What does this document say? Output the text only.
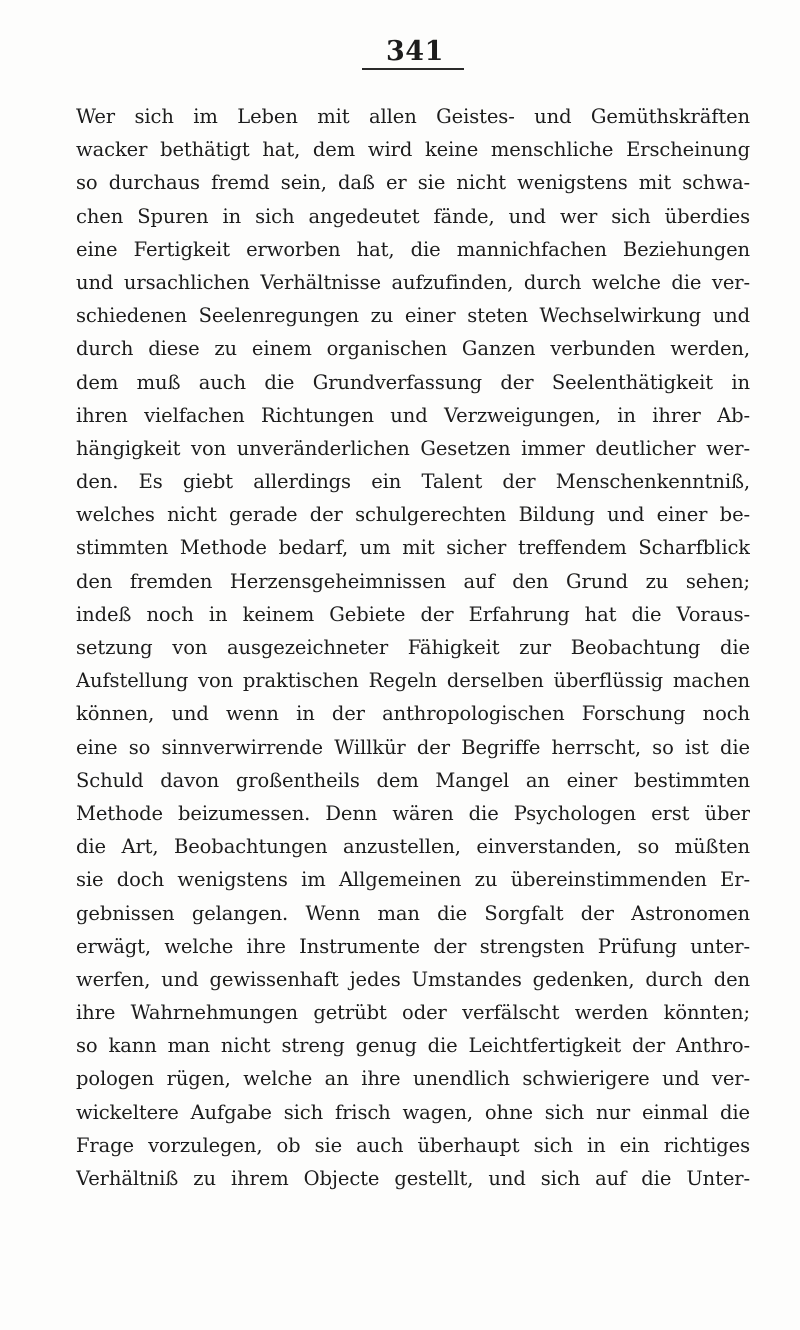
341
Wer sich im Leben mit allen Geistes- und Gemüthskräften
wacker bethätigt hat, dem wird keine menschliche Erscheinung
so durchaus fremd sein, daß er sie nicht wenigstens mit schwa-
chen Spuren in sich angedeutet fände, und wer sich überdies
eine Fertigkeit erworben hat, die mannichfachen Beziehungen
und ursachlichen Verhältnisse aufzufinden, durch welche die ver-
schiedenen Seelenregungen zu einer steten Wechselwirkung und
durch diese zu einem organischen Ganzen verbunden werden,
dem muß auch die Grundverfassung der Seelenthätigkeit in
ihren vielfachen Richtungen und Verzweigungen, in ihrer Ab-
hängigkeit von unveränderlichen Gesetzen immer deutlicher wer-
den. Es giebt allerdings ein Talent der Menschenkenntniß,
welches nicht gerade der schulgerechten Bildung und einer be-
stimmten Methode bedarf, um mit sicher treffendem Scharfblick
den fremden Herzensgeheimnissen auf den Grund zu sehen;
indeß noch in keinem Gebiete der Erfahrung hat die Voraus-
setzung von ausgezeichneter Fähigkeit zur Beobachtung die
Aufstellung von praktischen Regeln derselben überflüssig machen
können, und wenn in der anthropologischen Forschung noch
eine so sinnverwirrende Willkür der Begriffe herrscht, so ist die
Schuld davon großentheils dem Mangel an einer bestimmten
Methode beizumessen. Denn wären die Psychologen erst über
die Art, Beobachtungen anzustellen, einverstanden, so müßten
sie doch wenigstens im Allgemeinen zu übereinstimmenden Er-
gebnissen gelangen. Wenn man die Sorgfalt der Astronomen
erwägt, welche ihre Instrumente der strengsten Prüfung unter-
werfen, und gewissenhaft jedes Umstandes gedenken, durch den
ihre Wahrnehmungen getrübt oder verfälscht werden könnten;
so kann man nicht streng genug die Leichtfertigkeit der Anthro-
pologen rügen, welche an ihre unendlich schwierigere und ver-
wickeltere Aufgabe sich frisch wagen, ohne sich nur einmal die
Frage vorzulegen, ob sie auch überhaupt sich in ein richtiges
Verhältniß zu ihrem Objecte gestellt, und sich auf die Unter-
